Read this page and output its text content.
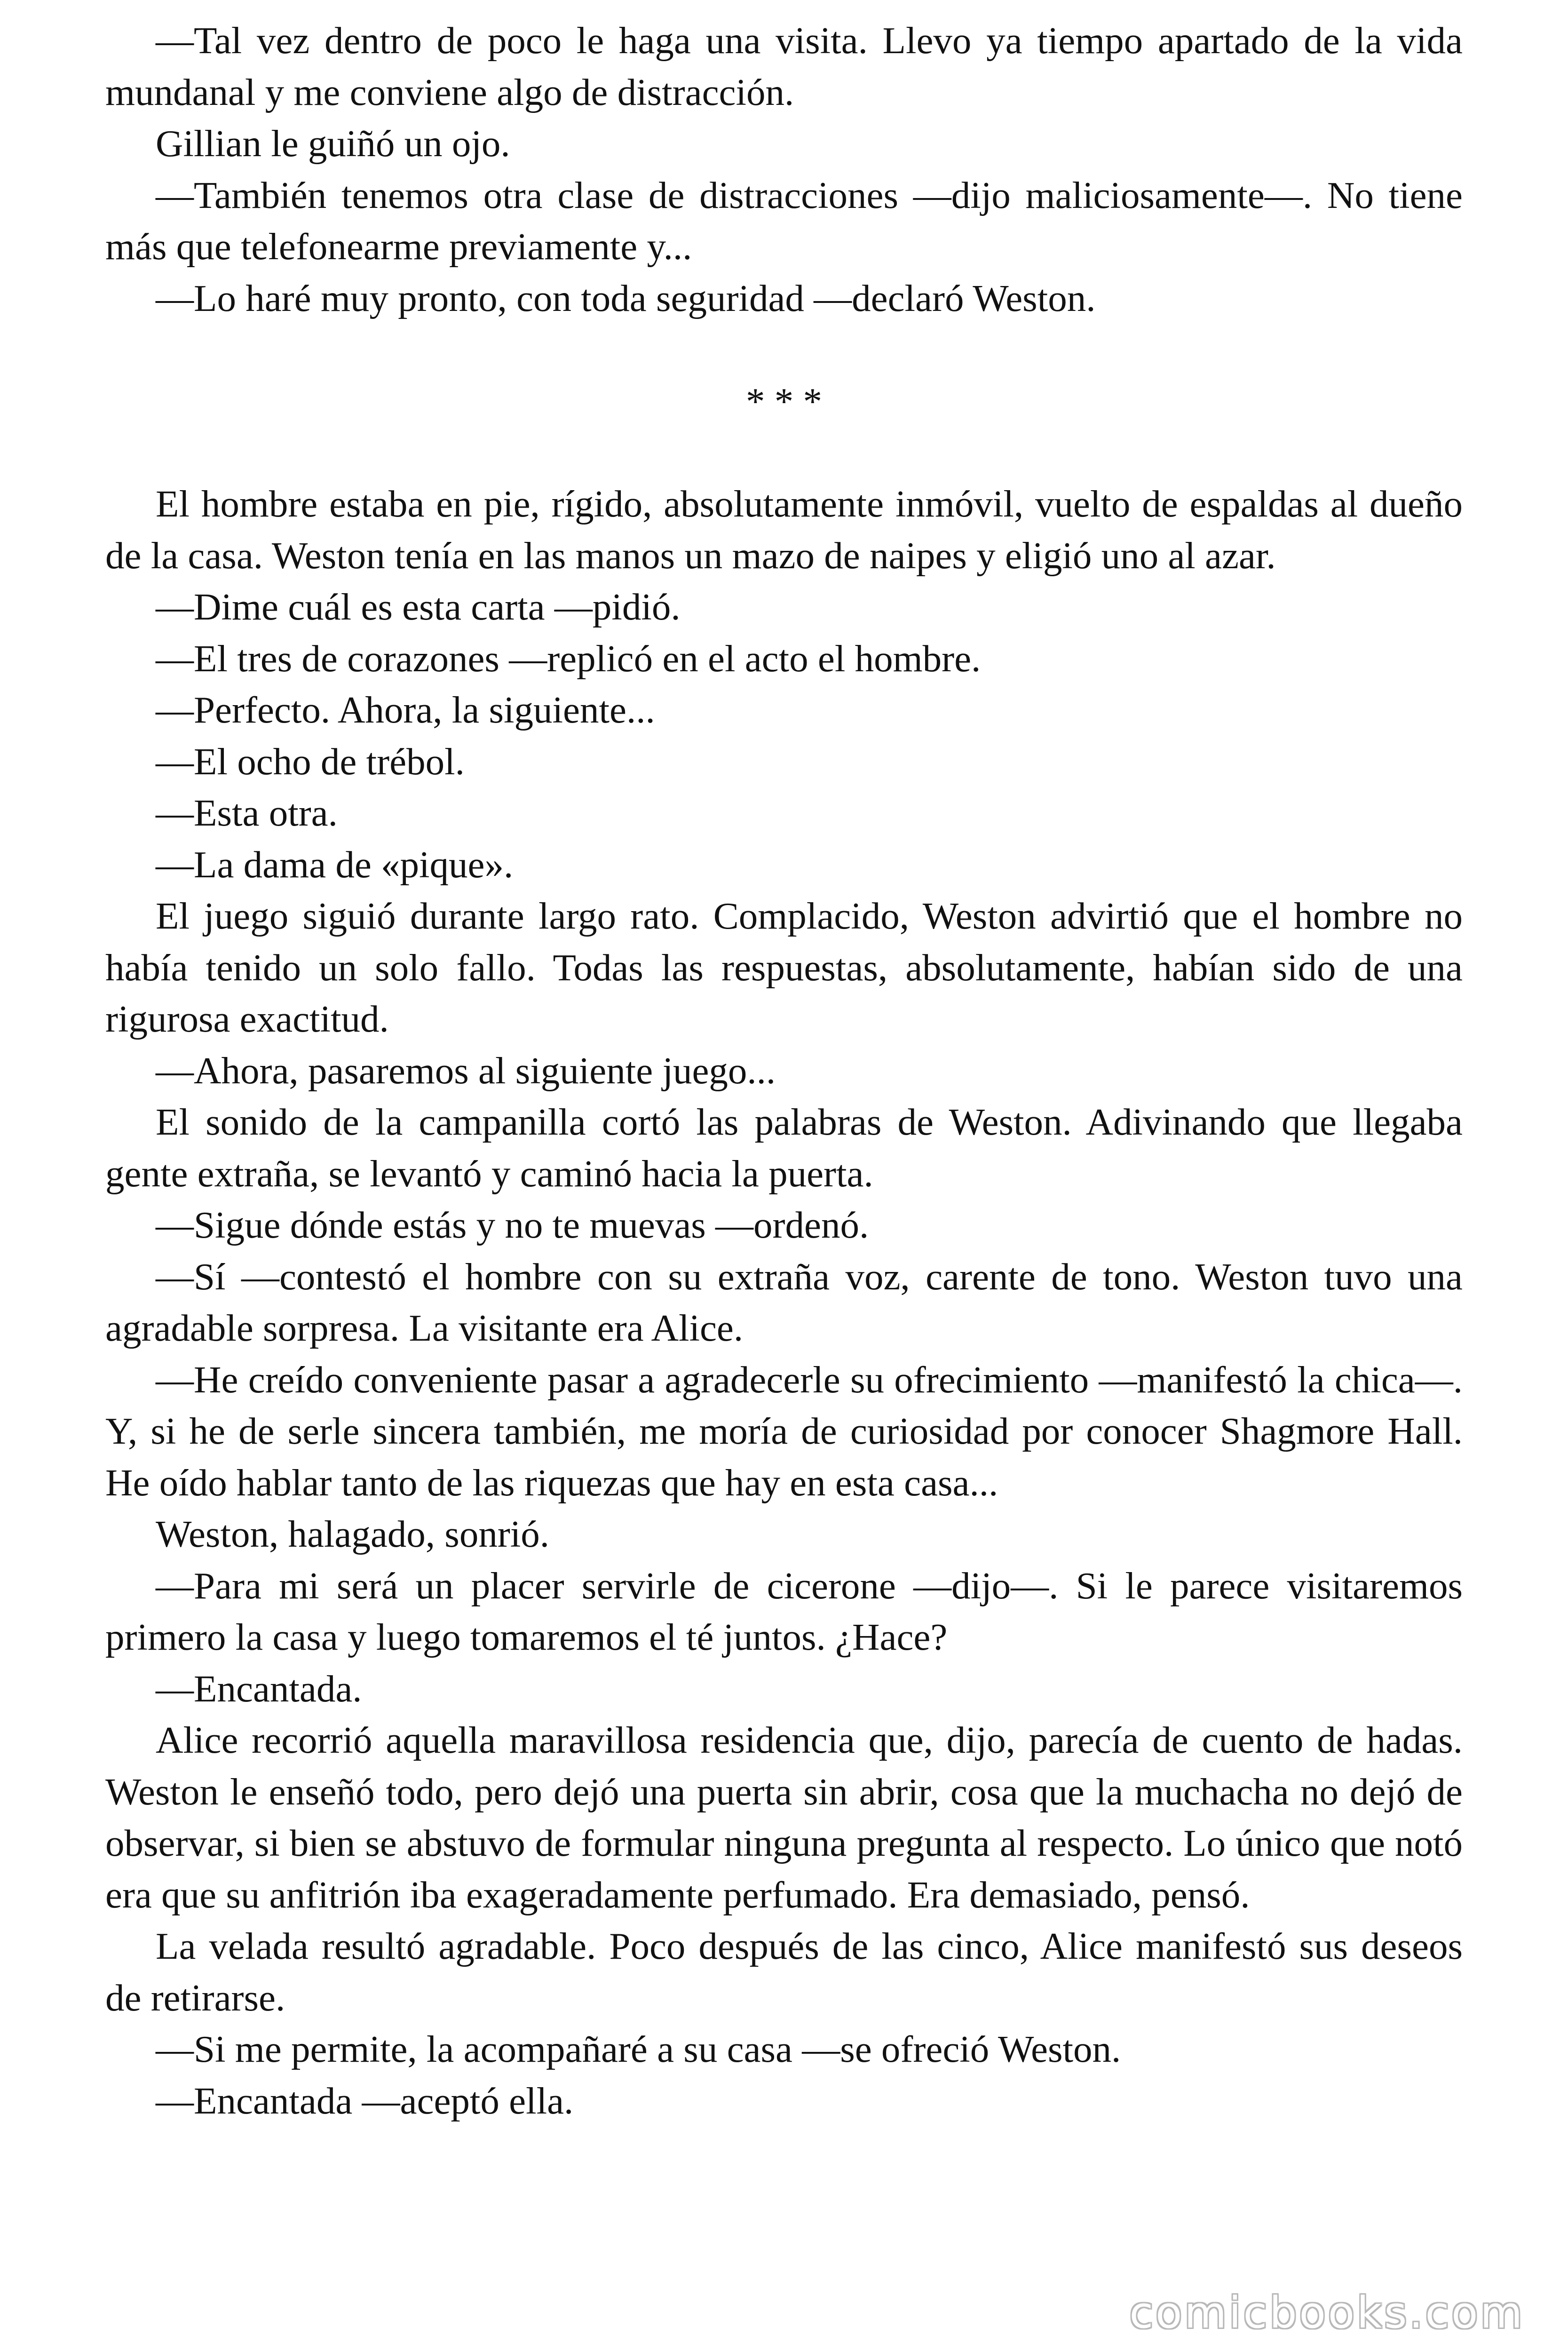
—Tal vez dentro de poco le haga una visita. Llevo ya tiempo apartado de la vida mundanal y me conviene algo de distracción.

Gillian le guiñó un ojo.

—También tenemos otra clase de distracciones —dijo maliciosamente—. No tiene más que telefonearme previamente y...

—Lo haré muy pronto, con toda seguridad —declaró Weston.

* * *

El hombre estaba en pie, rígido, absolutamente inmóvil, vuelto de espaldas al dueño de la casa. Weston tenía en las manos un mazo de naipes y eligió uno al azar.

—Dime cuál es esta carta —pidió.

—El tres de corazones —replicó en el acto el hombre.

—Perfecto. Ahora, la siguiente...

—El ocho de trébol.

—Esta otra.

—La dama de «pique».

El juego siguió durante largo rato. Complacido, Weston advirtió que el hombre no había tenido un solo fallo. Todas las respuestas, absolutamente, habían sido de una rigurosa exactitud.

—Ahora, pasaremos al siguiente juego...

El sonido de la campanilla cortó las palabras de Weston. Adivinando que llegaba gente extraña, se levantó y caminó hacia la puerta.

—Sigue dónde estás y no te muevas —ordenó.

—Sí —contestó el hombre con su extraña voz, carente de tono. Weston tuvo una agradable sorpresa. La visitante era Alice.

—He creído conveniente pasar a agradecerle su ofrecimiento —manifestó la chica—. Y, si he de serle sincera también, me moría de curiosidad por conocer Shagmore Hall. He oído hablar tanto de las riquezas que hay en esta casa...

Weston, halagado, sonrió.

—Para mi será un placer servirle de cicerone —dijo—. Si le parece visitaremos primero la casa y luego tomaremos el té juntos. ¿Hace?

—Encantada.

Alice recorrió aquella maravillosa residencia que, dijo, parecía de cuento de hadas. Weston le enseñó todo, pero dejó una puerta sin abrir, cosa que la muchacha no dejó de observar, si bien se abstuvo de formular ninguna pregunta al respecto. Lo único que notó era que su anfitrión iba exageradamente perfumado. Era demasiado, pensó.

La velada resultó agradable. Poco después de las cinco, Alice manifestó sus deseos de retirarse.

—Si me permite, la acompañaré a su casa —se ofreció Weston.

—Encantada —aceptó ella.

comicbooks.com
